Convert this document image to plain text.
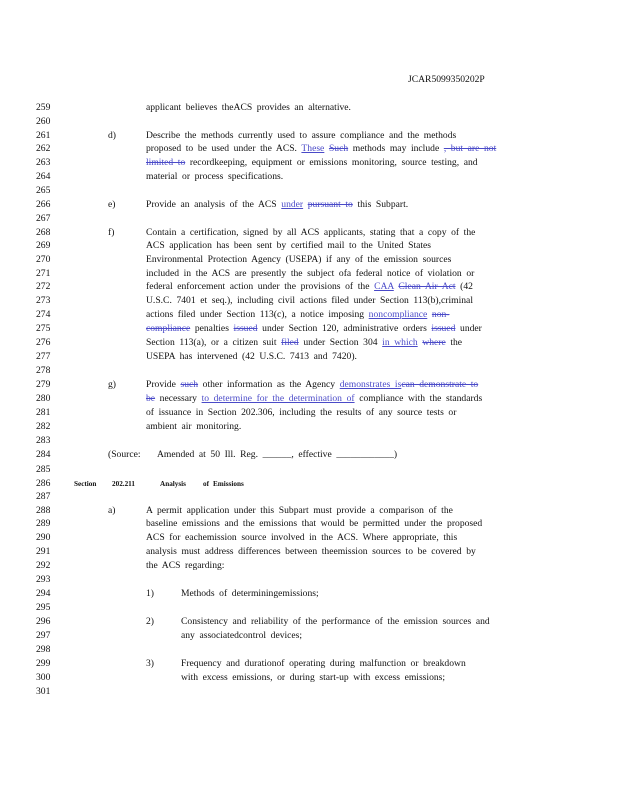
JCAR509935020​2P
259
260
261
262
263
264
265
266
267
268
269
270
271
272
273
274
275
276
277
278
279
280
281
282
283
284
285
286
287
288
289
290
291
292
293
294
295
296
297
298
299
300
301
applicant believes theACS provides an alternative.
d)	Describe the methods currently used to assure compliance and the methods
proposed to be used under the ACS. These Such methods may include , but are not
limited to recordkeeping, equipment or emissions monitoring, source testing, and
material or process specifications.
e)	Provide an analysis of the ACS under pursuant to this Subpart.
f)	Contain a certification, signed by all ACS applicants, stating that a copy of the
ACS application has been sent by certified mail to the United States
Environmental Protection Agency (USEPA) if any of the emission sources
included in the ACS are presently the subject ofa federal notice of violation or
federal enforcement action under the provisions of the CAA Clean Air Act (42
U.S.C. 7401 et seq.), including civil actions filed under Section 113(b),criminal
actions filed under Section 113(c), a notice imposing noncompliance non-
compliance penalties issued under Section 120, administrative orders issued under
Section 113(a), or a citizen suit filed under Section 304 in which where the
USEPA has intervened (42 U.S.C. 7413 and 7420).
g)	Provide such other information as the Agency demonstrates iscan demonstrate to
be necessary to determine for the determination of compliance with the standards
of issuance in Section 202.306, including the results of any source tests or
ambient air monitoring.
(Source: Amended at 50 Ill. Reg. ______, effective ____________)
Section 202.211	Analysis of Emissions
a)	A permit application under this Subpart must provide a comparison of the
baseline emissions and the emissions that would be permitted under the proposed
ACS for eachemission source involved in the ACS. Where appropriate, this
analysis must address differences between theemission sources to be covered by
the ACS regarding:
1)	Methods of determiningemissions;
2)	Consistency and reliability of the performance of the emission sources and
any associatedcontrol devices;
3)	Frequency and durationof operating during malfunction or breakdown
with excess emissions, or during start-up with excess emissions;
